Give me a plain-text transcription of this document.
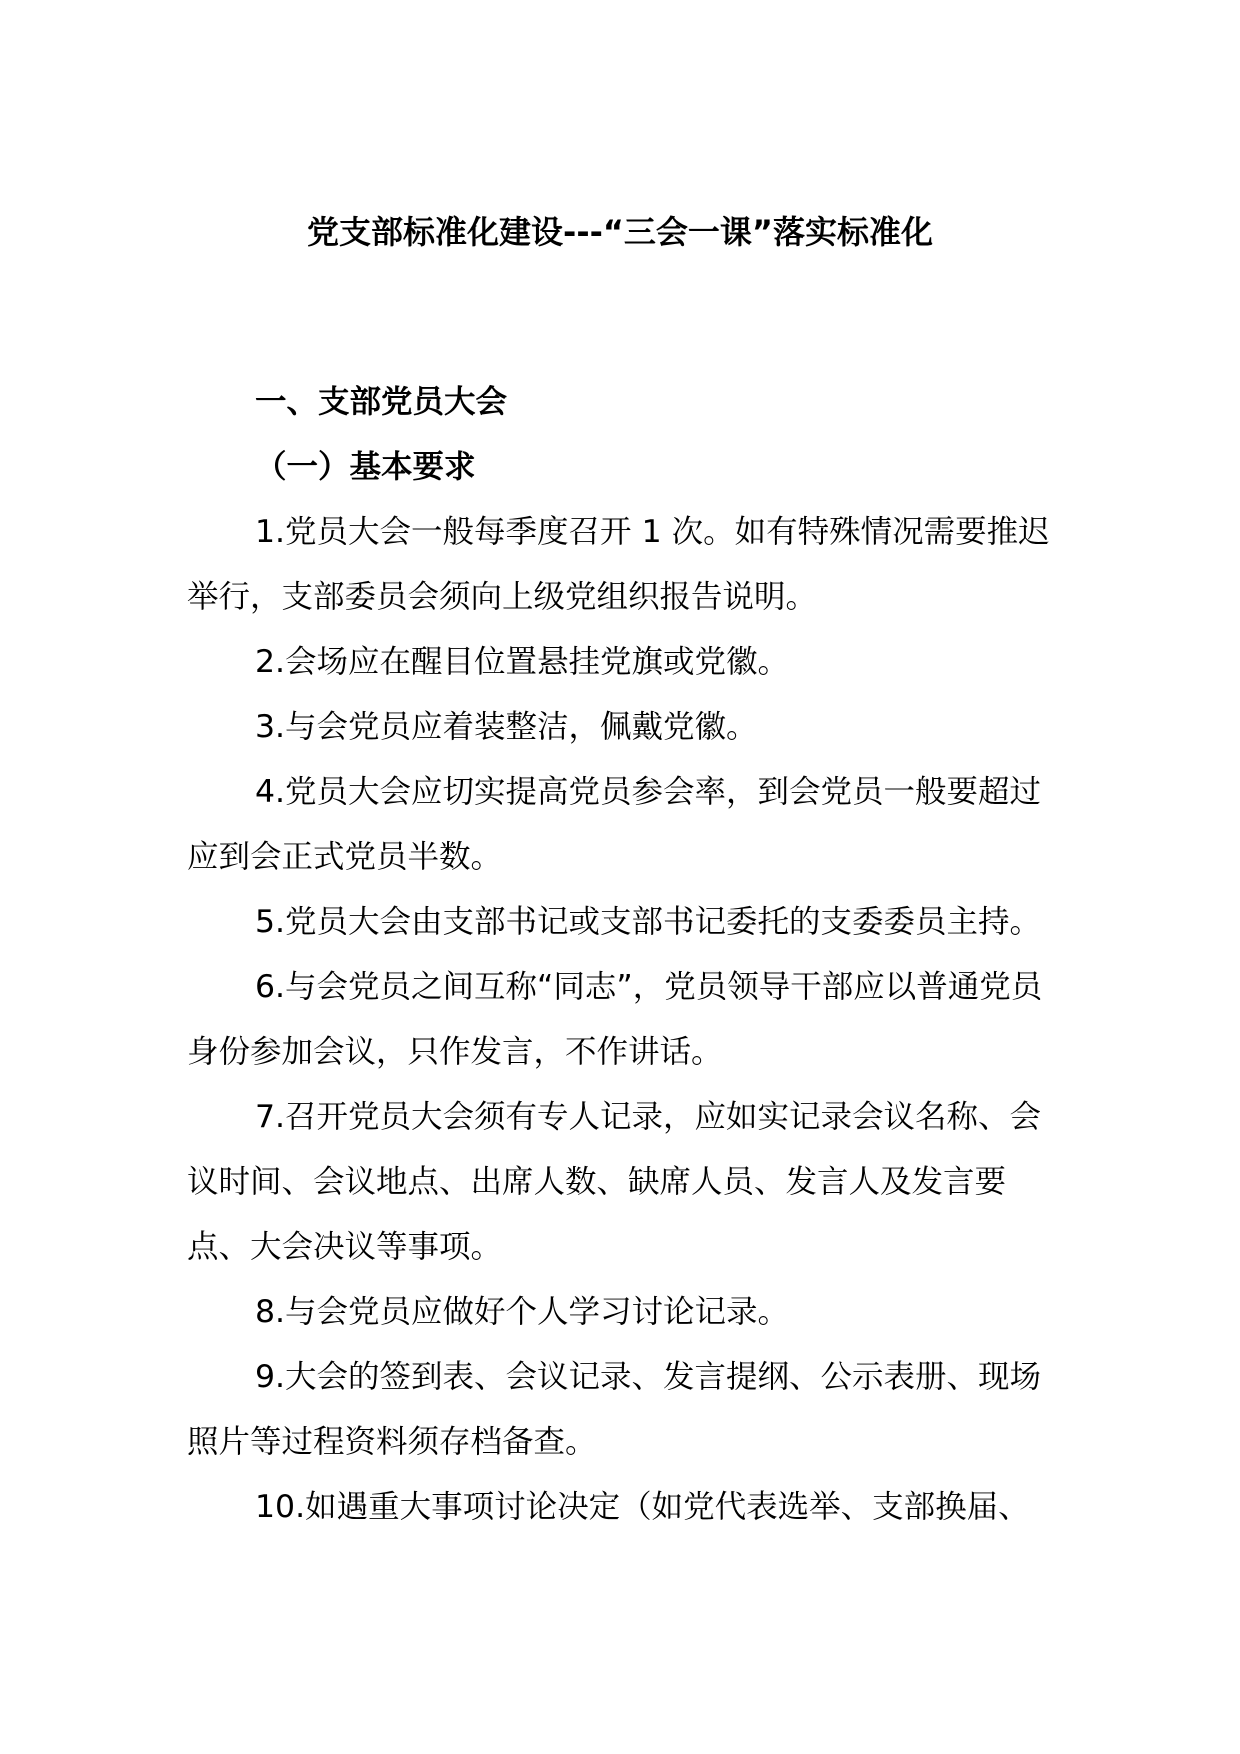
党支部标准化建设---“三会一课”落实标准化

一、支部党员大会

（一）基本要求

1.党员大会一般每季度召开 1 次。如有特殊情况需要推迟举行，支部委员会须向上级党组织报告说明。

2.会场应在醒目位置悬挂党旗或党徽。

3.与会党员应着装整洁，佩戴党徽。

4.党员大会应切实提高党员参会率，到会党员一般要超过应到会正式党员半数。

5.党员大会由支部书记或支部书记委托的支委委员主持。

6.与会党员之间互称“同志”，党员领导干部应以普通党员身份参加会议，只作发言，不作讲话。

7.召开党员大会须有专人记录，应如实记录会议名称、会议时间、会议地点、出席人数、缺席人员、发言人及发言要点、大会决议等事项。

8.与会党员应做好个人学习讨论记录。

9.大会的签到表、会议记录、发言提纲、公示表册、现场照片等过程资料须存档备查。

10.如遇重大事项讨论决定（如党代表选举、支部换届、
